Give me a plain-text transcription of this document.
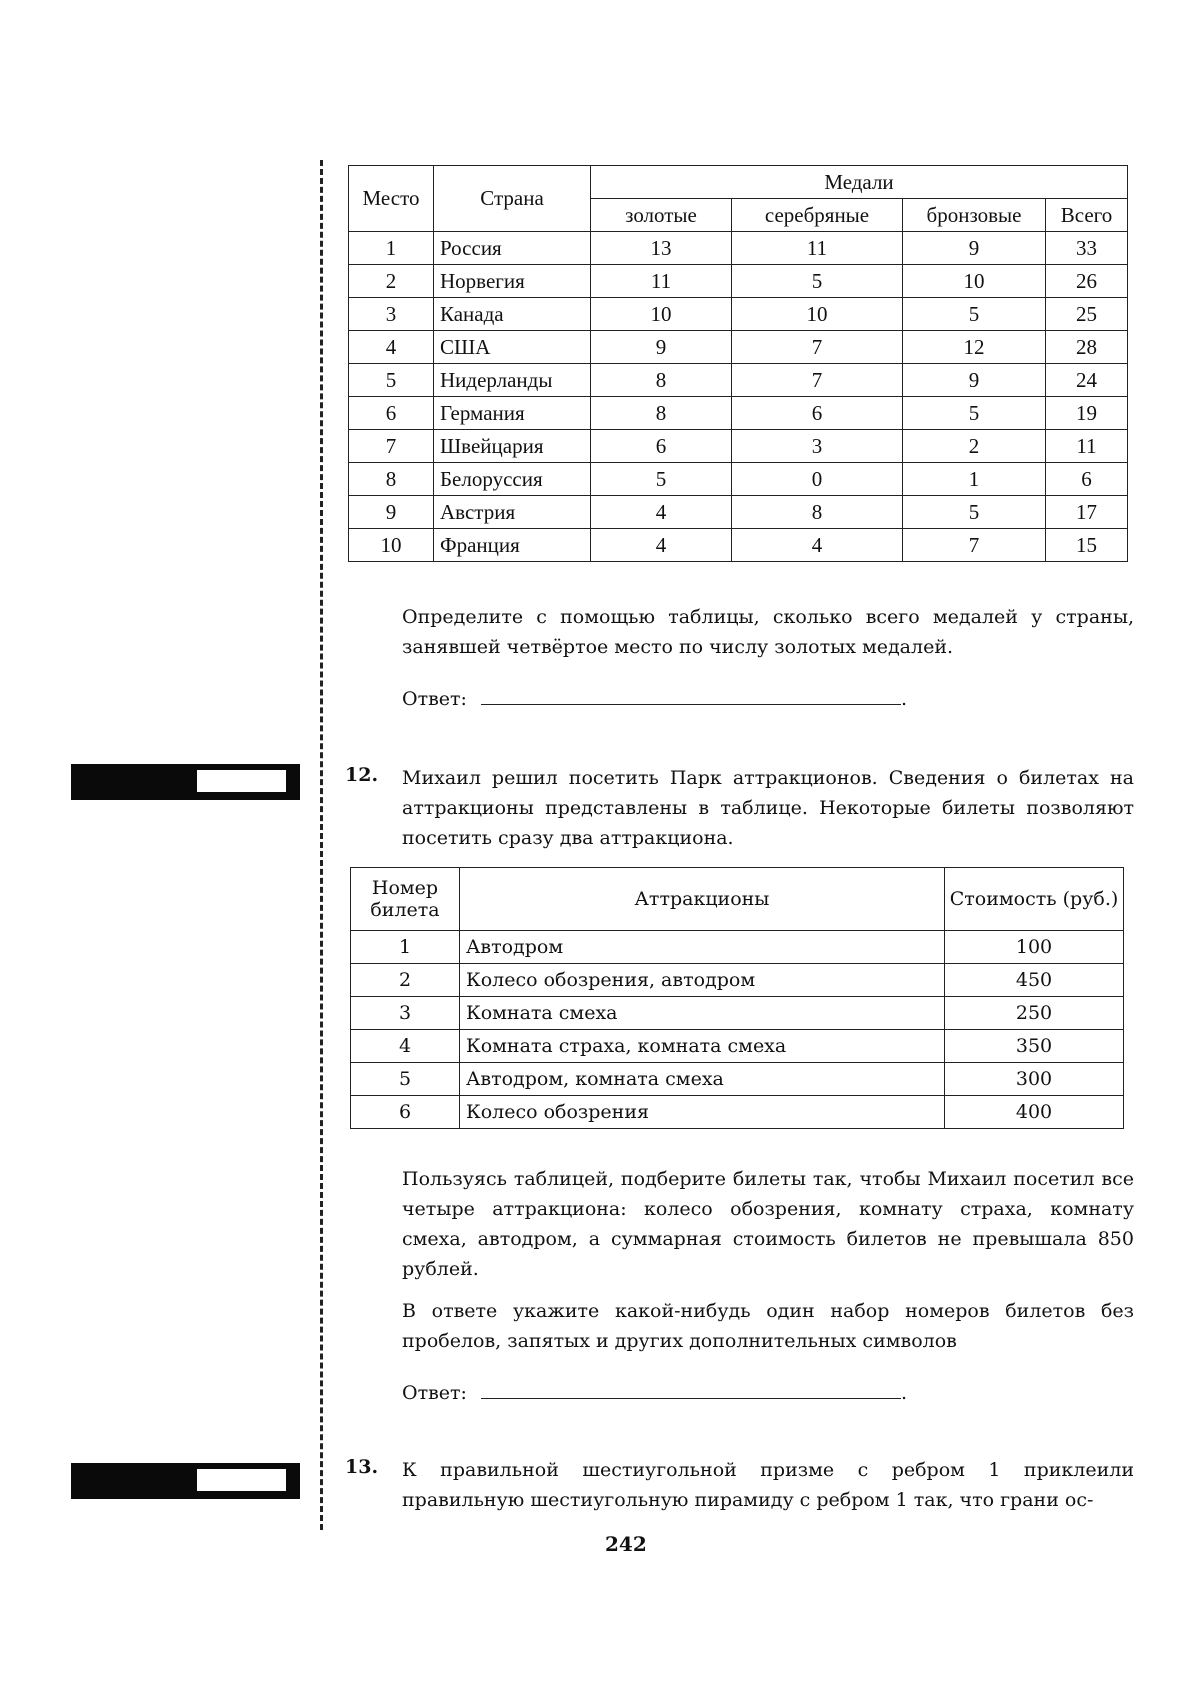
Место	Страна	Медали			
		золотые	серебряные	бронзовые	Всего
1	Россия	13	11	9	33
2	Норвегия	11	5	10	26
3	Канада	10	10	5	25
4	США	9	7	12	28
5	Нидерланды	8	7	9	24
6	Германия	8	6	5	19
7	Швейцария	6	3	2	11
8	Белоруссия	5	0	1	6
9	Австрия	4	8	5	17
10	Франция	4	4	7	15
Определите с помощью таблицы, сколько всего медалей у страны, занявшей четвёртое место по числу золотых медалей.
Ответ:	.
12. Михаил решил посетить Парк аттракционов. Сведения о билетах на аттракционы представлены в таблице. Некоторые билеты позволяют посетить сразу два аттракциона.
Номер билета	Аттракционы	Стоимость (руб.)
1	Автодром	100
2	Колесо обозрения, автодром	450
3	Комната смеха	250
4	Комната страха, комната смеха	350
5	Автодром, комната смеха	300
6	Колесо обозрения	400
Пользуясь таблицей, подберите билеты так, чтобы Михаил посетил все четыре аттракциона: колесо обозрения, комнату страха, комнату смеха, автодром, а суммарная стоимость билетов не превышала 850 рублей.
В ответе укажите какой-нибудь один набор номеров билетов без пробелов, запятых и других дополнительных символов
Ответ:	.
13. К правильной шестиугольной призме с ребром 1 приклеили правильную шестиугольную пирамиду с ребром 1 так, что грани ос-
242
